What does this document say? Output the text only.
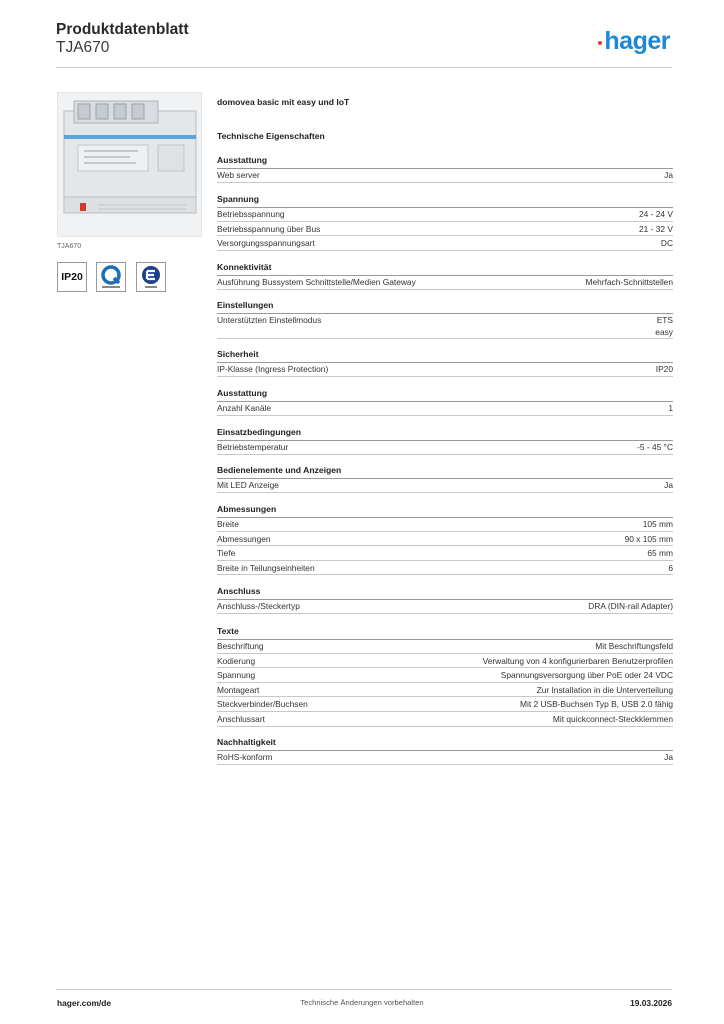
Produktdatenblatt
TJA670	hager
TJA670
IP20
domovea basic mit easy und IoT
Technische Eigenschaften
Ausstattung
Web server	Ja
Spannung
Betriebsspannung	24 - 24 V
Betriebsspannung über Bus	21 - 32 V
Versorgungsspannungsart	DC
Konnektivität
Ausführung Bussystem Schnittstelle/Medien Gateway	Mehrfach-Schnittstellen
Einstellungen
Unterstützten Einstellmodus	ETS
easy
Sicherheit
IP-Klasse (Ingress Protection)	IP20
Ausstattung
Anzahl Kanäle	1
Einsatzbedingungen
Betriebstemperatur	-5 - 45 °C
Bedienelemente und Anzeigen
Mit LED Anzeige	Ja
Abmessungen
Breite	105 mm
Abmessungen	90 x 105 mm
Tiefe	65 mm
Breite in Teilungseinheiten	6
Anschluss
Anschluss-/Steckertyp	DRA (DIN-rail Adapter)
Texte
Beschriftung	Mit Beschriftungsfeld
Kodierung	Verwaltung von 4 konfigurierbaren Benutzerprofilen
Spannung	Spannungsversorgung über PoE oder 24 VDC
Montageart	Zur Installation in die Unterverteilung
Steckverbinder/Buchsen	Mit 2 USB-Buchsen Typ B, USB 2.0 fähig
Anschlussart	Mit quickconnect-Steckklemmen
Nachhaltigkeit
RoHS-konform	Ja
hager.com/de	Technische Änderungen vorbehalten	19.03.2026
